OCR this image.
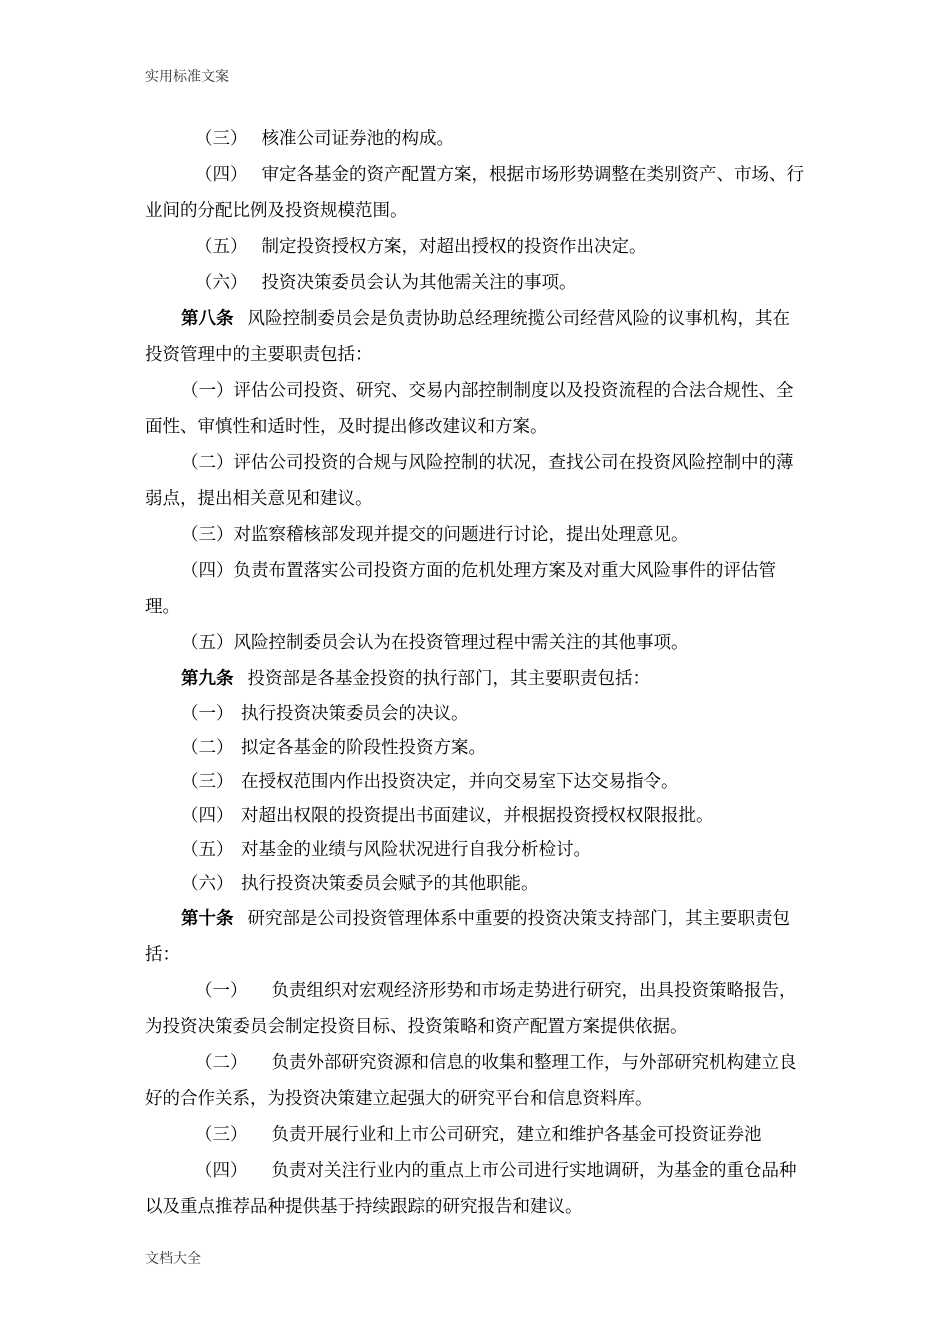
实用标准文案

（三） 核准公司证券池的构成。

（四） 审定各基金的资产配置方案，根据市场形势调整在类别资产、市场、行业间的分配比例及投资规模范围。

（五） 制定投资授权方案，对超出授权的投资作出决定。

（六） 投资决策委员会认为其他需关注的事项。

第八条 风险控制委员会是负责协助总经理统揽公司经营风险的议事机构，其在投资管理中的主要职责包括：

（一）评估公司投资、研究、交易内部控制制度以及投资流程的合法合规性、全面性、审慎性和适时性，及时提出修改建议和方案。

（二）评估公司投资的合规与风险控制的状况，查找公司在投资风险控制中的薄弱点，提出相关意见和建议。

（三）对监察稽核部发现并提交的问题进行讨论，提出处理意见。

（四）负责布置落实公司投资方面的危机处理方案及对重大风险事件的评估管理。

（五）风险控制委员会认为在投资管理过程中需关注的其他事项。

第九条 投资部是各基金投资的执行部门，其主要职责包括：

（一） 执行投资决策委员会的决议。
（二） 拟定各基金的阶段性投资方案。
（三） 在授权范围内作出投资决定，并向交易室下达交易指令。
（四） 对超出权限的投资提出书面建议，并根据投资授权权限报批。
（五） 对基金的业绩与风险状况进行自我分析检讨。
（六） 执行投资决策委员会赋予的其他职能。

第十条 研究部是公司投资管理体系中重要的投资决策支持部门，其主要职责包括：

（一） 负责组织对宏观经济形势和市场走势进行研究，出具投资策略报告，为投资决策委员会制定投资目标、投资策略和资产配置方案提供依据。

（二） 负责外部研究资源和信息的收集和整理工作，与外部研究机构建立良好的合作关系，为投资决策建立起强大的研究平台和信息资料库。

（三） 负责开展行业和上市公司研究，建立和维护各基金可投资证券池

（四） 负责对关注行业内的重点上市公司进行实地调研，为基金的重仓品种以及重点推荐品种提供基于持续跟踪的研究报告和建议。

文档大全
